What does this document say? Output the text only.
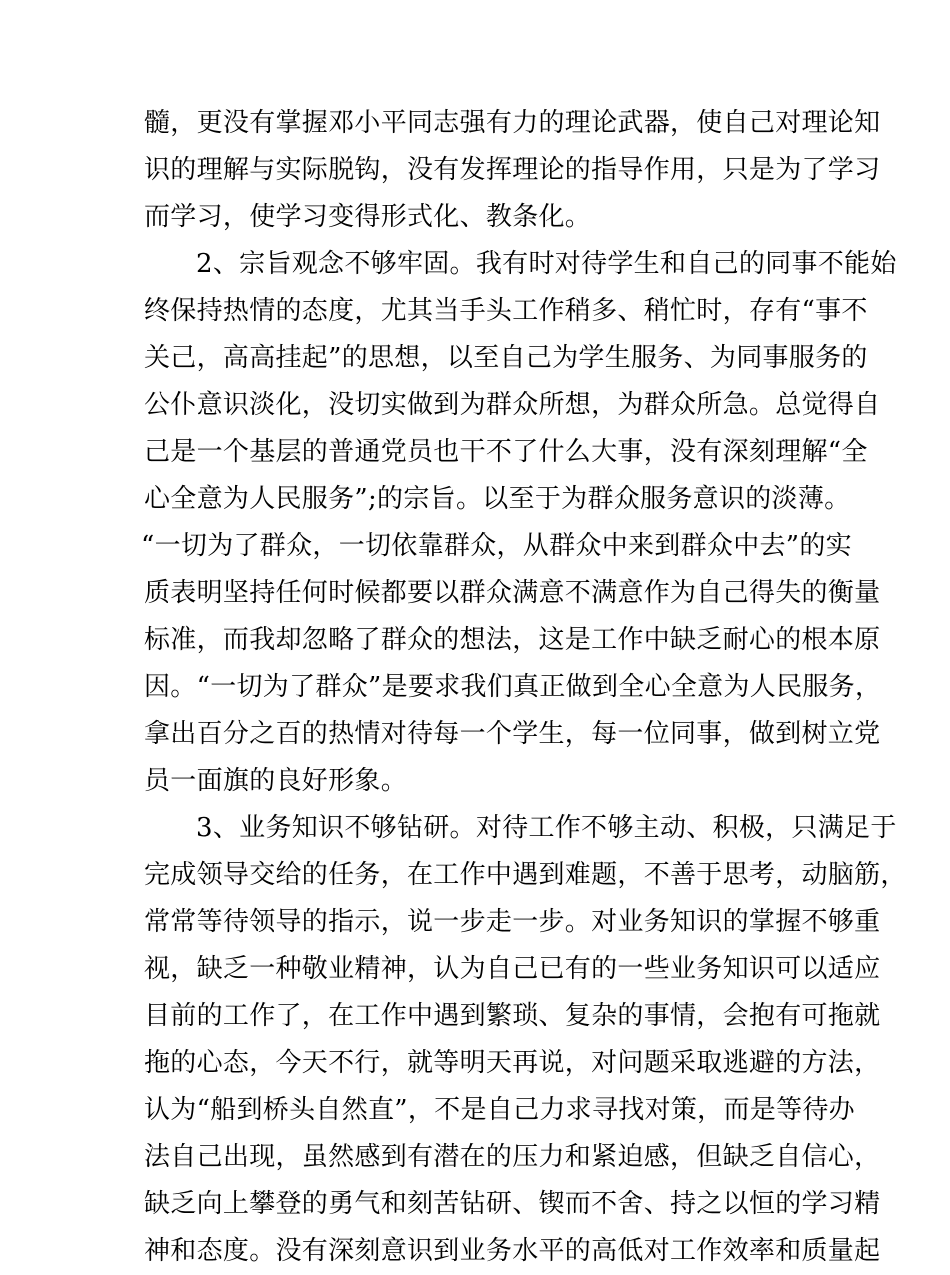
髓，更没有掌握邓小平同志强有力的理论武器，使自己对理论知
识的理解与实际脱钩，没有发挥理论的指导作用，只是为了学习
而学习，使学习变得形式化、教条化。
2、宗旨观念不够牢固。我有时对待学生和自己的同事不能始
终保持热情的态度，尤其当手头工作稍多、稍忙时，存有“事不
关己，高高挂起”的思想，以至自己为学生服务、为同事服务的
公仆意识淡化，没切实做到为群众所想，为群众所急。总觉得自
己是一个基层的普通党员也干不了什么大事，没有深刻理解“全
心全意为人民服务”;的宗旨。以至于为群众服务意识的淡薄。
“一切为了群众，一切依靠群众，从群众中来到群众中去”的实
质表明坚持任何时候都要以群众满意不满意作为自己得失的衡量
标准，而我却忽略了群众的想法，这是工作中缺乏耐心的根本原
因。“一切为了群众”是要求我们真正做到全心全意为人民服务，
拿出百分之百的热情对待每一个学生，每一位同事，做到树立党
员一面旗的良好形象。
3、业务知识不够钻研。对待工作不够主动、积极，只满足于
完成领导交给的任务，在工作中遇到难题，不善于思考，动脑筋，
常常等待领导的指示，说一步走一步。对业务知识的掌握不够重
视，缺乏一种敬业精神，认为自己已有的一些业务知识可以适应
目前的工作了，在工作中遇到繁琐、复杂的事情，会抱有可拖就
拖的心态，今天不行，就等明天再说，对问题采取逃避的方法，
认为“船到桥头自然直”，不是自己力求寻找对策，而是等待办
法自己出现，虽然感到有潜在的压力和紧迫感，但缺乏自信心，
缺乏向上攀登的勇气和刻苦钻研、锲而不舍、持之以恒的学习精
神和态度。没有深刻意识到业务水平的高低对工作效率和质量起
